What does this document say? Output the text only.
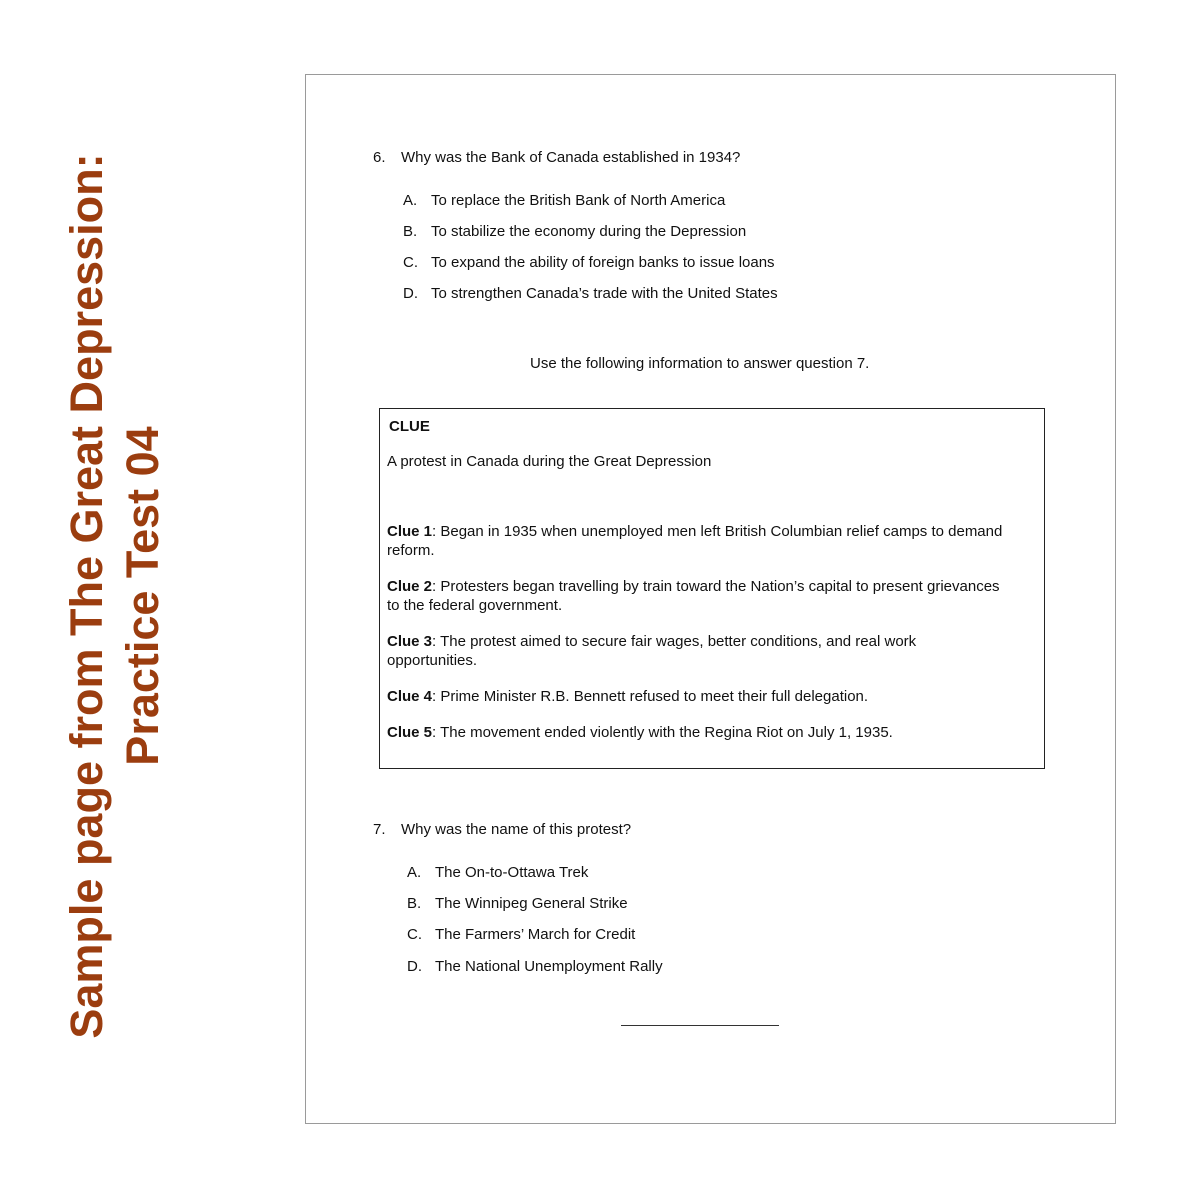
Sample page from The Great Depression: Practice Test 04
6. Why was the Bank of Canada established in 1934?
A. To replace the British Bank of North America
B. To stabilize the economy during the Depression
C. To expand the ability of foreign banks to issue loans
D. To strengthen Canada’s trade with the United States
Use the following information to answer question 7.
CLUE
A protest in Canada during the Great Depression
Clue 1: Began in 1935 when unemployed men left British Columbian relief camps to demand reform.
Clue 2: Protesters began travelling by train toward the Nation’s capital to present grievances to the federal government.
Clue 3: The protest aimed to secure fair wages, better conditions, and real work opportunities.
Clue 4: Prime Minister R.B. Bennett refused to meet their full delegation.
Clue 5: The movement ended violently with the Regina Riot on July 1, 1935.
7. Why was the name of this protest?
A. The On-to-Ottawa Trek
B. The Winnipeg General Strike
C. The Farmers’ March for Credit
D. The National Unemployment Rally
